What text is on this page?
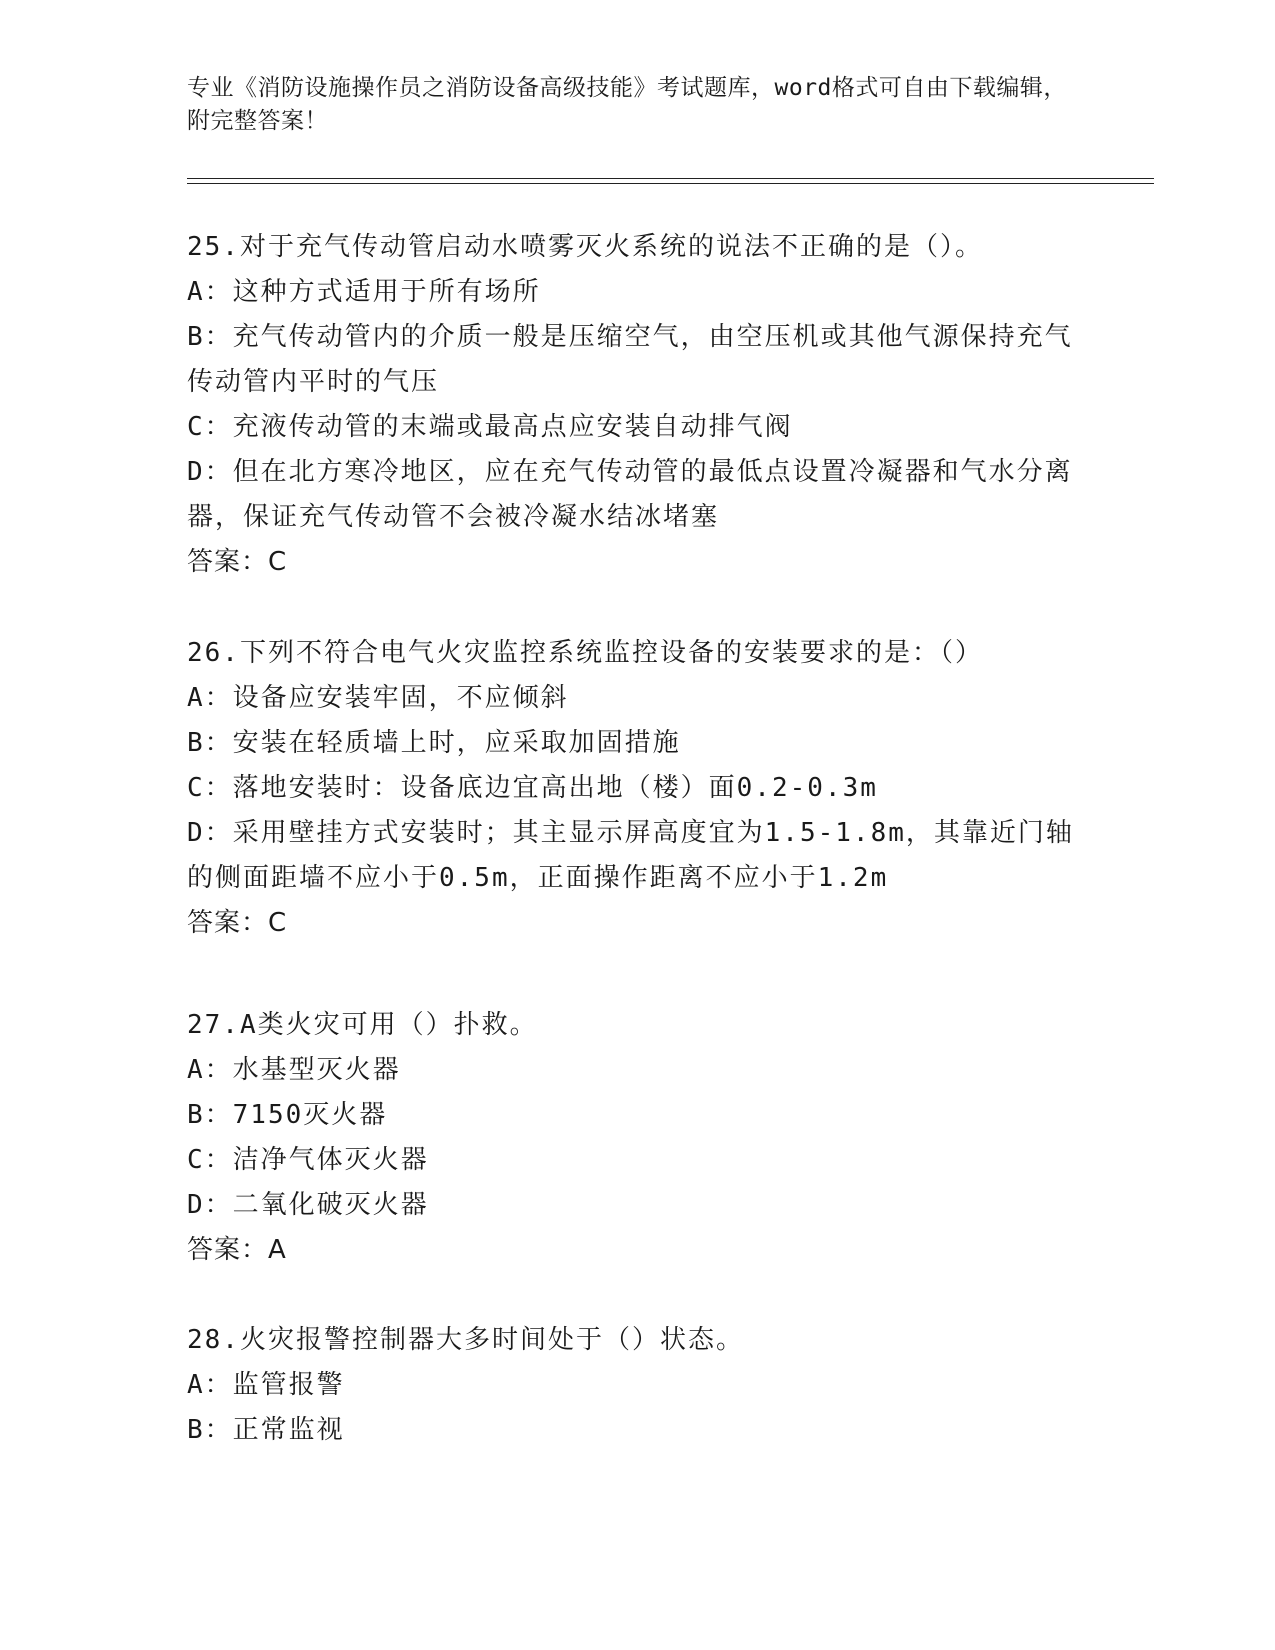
专业《消防设施操作员之消防设备高级技能》考试题库，word格式可自由下载编辑，附完整答案！
25.对于充气传动管启动水喷雾灭火系统的说法不正确的是（）。
A：这种方式适用于所有场所
B：充气传动管内的介质一般是压缩空气，由空压机或其他气源保持充气传动管内平时的气压
C：充液传动管的末端或最高点应安装自动排气阀
D：但在北方寒冷地区，应在充气传动管的最低点设置冷凝器和气水分离器，保证充气传动管不会被冷凝水结冰堵塞
答案：C
26.下列不符合电气火灾监控系统监控设备的安装要求的是：（）
A：设备应安装牢固，不应倾斜
B：安装在轻质墙上时，应采取加固措施
C：落地安装时：设备底边宜高出地（楼）面0.2-0.3m
D：采用壁挂方式安装时；其主显示屏高度宜为1.5-1.8m，其靠近门轴的侧面距墙不应小于0.5m，正面操作距离不应小于1.2m
答案：C
27.A类火灾可用（）扑救。
A：水基型灭火器
B：7150灭火器
C：洁净气体灭火器
D：二氧化破灭火器
答案：A
28.火灾报警控制器大多时间处于（）状态。
A：监管报警
B：正常监视
